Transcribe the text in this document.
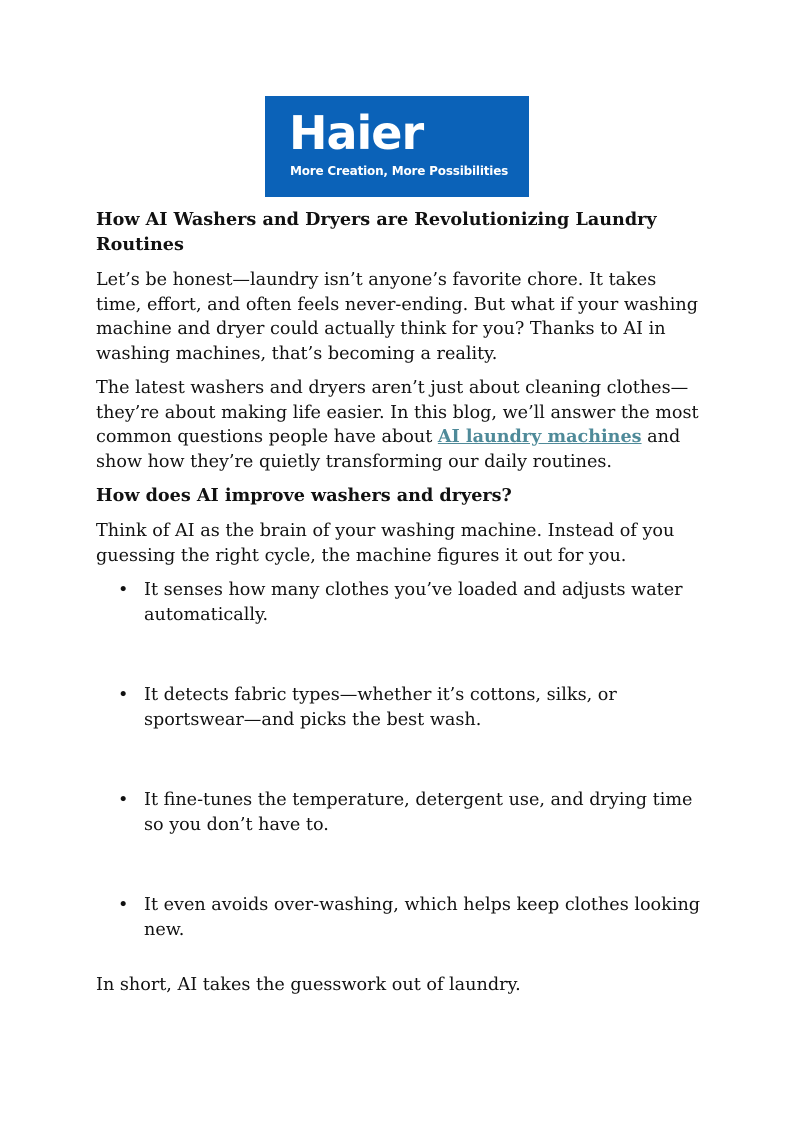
Haier
More Creation, More Possibilities
How AI Washers and Dryers are Revolutionizing Laundry Routines

Let’s be honest—laundry isn’t anyone’s favorite chore. It takes time, effort, and often feels never-ending. But what if your washing machine and dryer could actually think for you? Thanks to AI in washing machines, that’s becoming a reality.

The latest washers and dryers aren’t just about cleaning clothes—they’re about making life easier. In this blog, we’ll answer the most common questions people have about AI laundry machines and show how they’re quietly transforming our daily routines.

How does AI improve washers and dryers?

Think of AI as the brain of your washing machine. Instead of you guessing the right cycle, the machine figures it out for you.

• It senses how many clothes you’ve loaded and adjusts water automatically.
• It detects fabric types—whether it’s cottons, silks, or sportswear—and picks the best wash.
• It fine-tunes the temperature, detergent use, and drying time so you don’t have to.
• It even avoids over-washing, which helps keep clothes looking new.

In short, AI takes the guesswork out of laundry.
